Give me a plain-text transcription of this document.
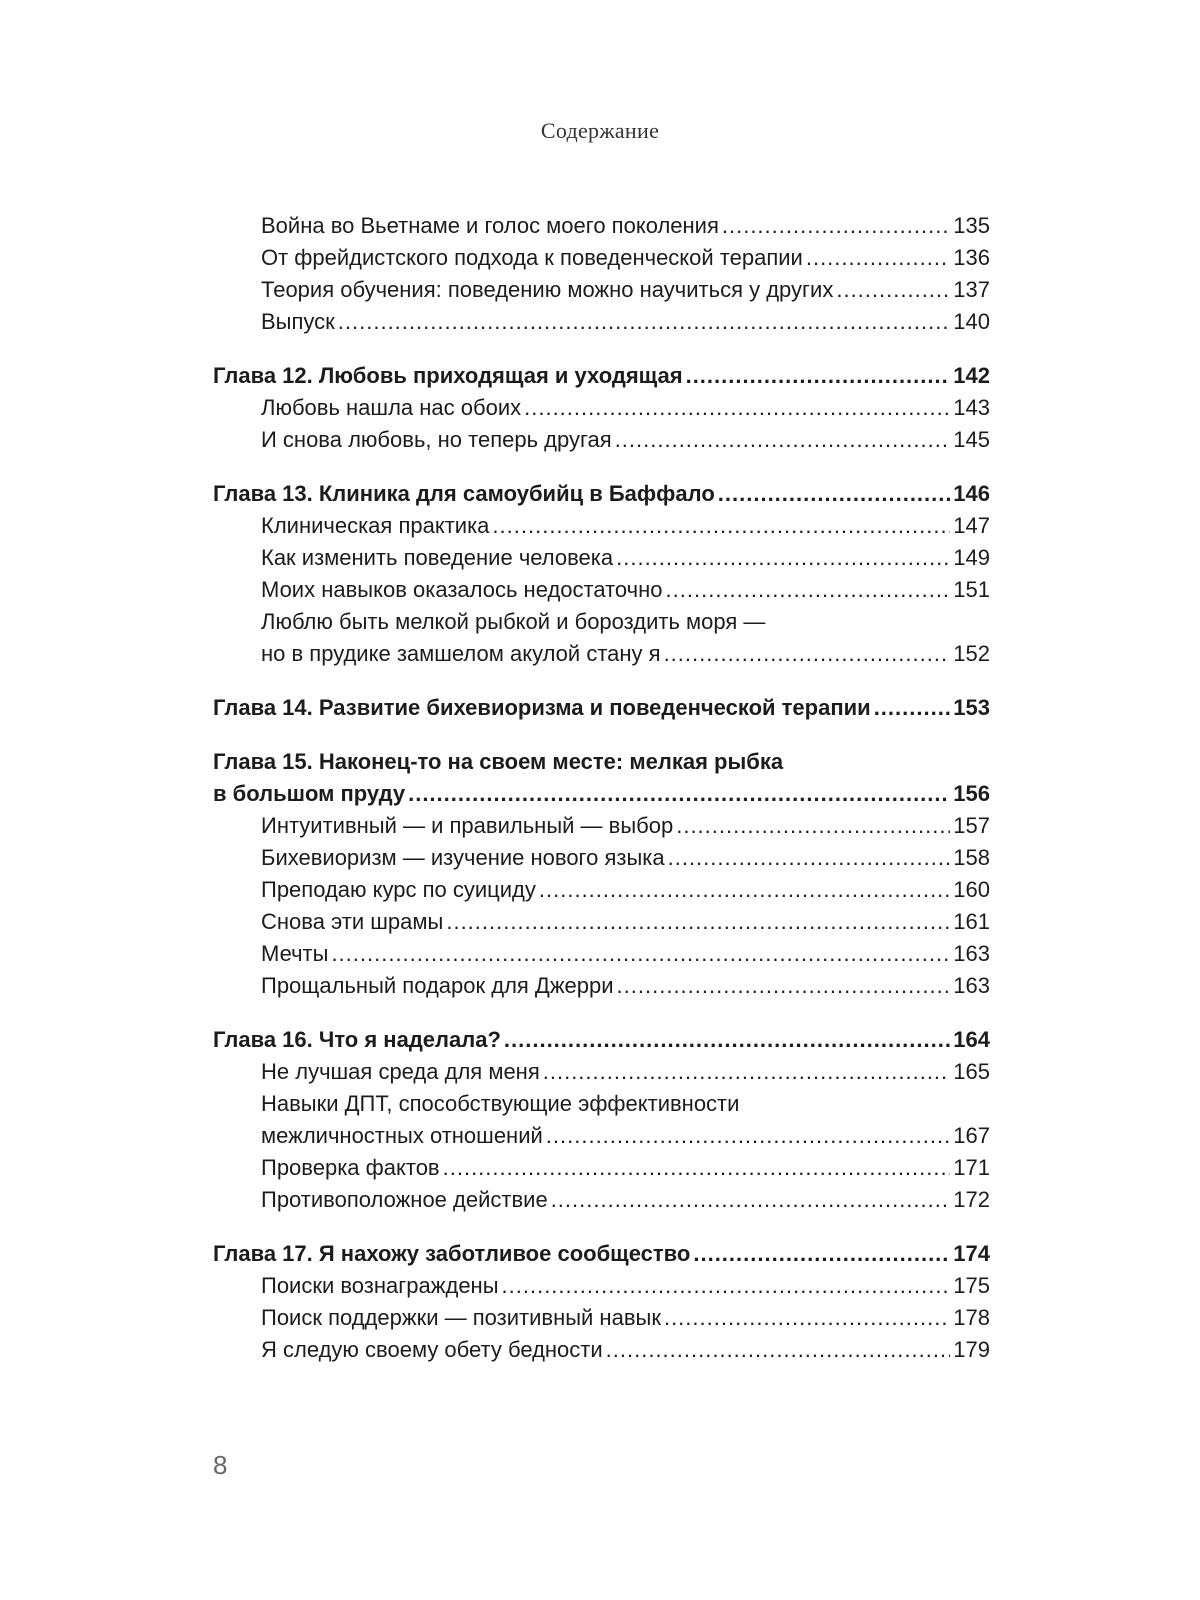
Содержание
Война во Вьетнаме и голос моего поколения .....	135
От фрейдистского подхода к поведенческой терапии .....	136
Теория обучения: поведению можно научиться у других .....	137
Выпуск .....	140
Глава 12. Любовь приходящая и уходящая .....	142
Любовь нашла нас обоих .....	143
И снова любовь, но теперь другая .....	145
Глава 13. Клиника для самоубийц в Баффало .....	146
Клиническая практика .....	147
Как изменить поведение человека .....	149
Моих навыков оказалось недостаточно .....	151
Люблю быть мелкой рыбкой и бороздить моря —
но в прудике замшелом акулой стану я .....	152
Глава 14. Развитие бихевиоризма и поведенческой терапии .....	153
Глава 15. Наконец-то на своем месте: мелкая рыбка
в большом пруду .....	156
Интуитивный — и правильный — выбор .....	157
Бихевиоризм — изучение нового языка .....	158
Преподаю курс по суициду .....	160
Снова эти шрамы .....	161
Мечты .....	163
Прощальный подарок для Джерри .....	163
Глава 16. Что я наделала? .....	164
Не лучшая среда для меня .....	165
Навыки ДПТ, способствующие эффективности
межличностных отношений .....	167
Проверка фактов .....	171
Противоположное действие .....	172
Глава 17. Я нахожу заботливое сообщество .....	174
Поиски вознаграждены .....	175
Поиск поддержки — позитивный навык .....	178
Я следую своему обету бедности .....	179
8
